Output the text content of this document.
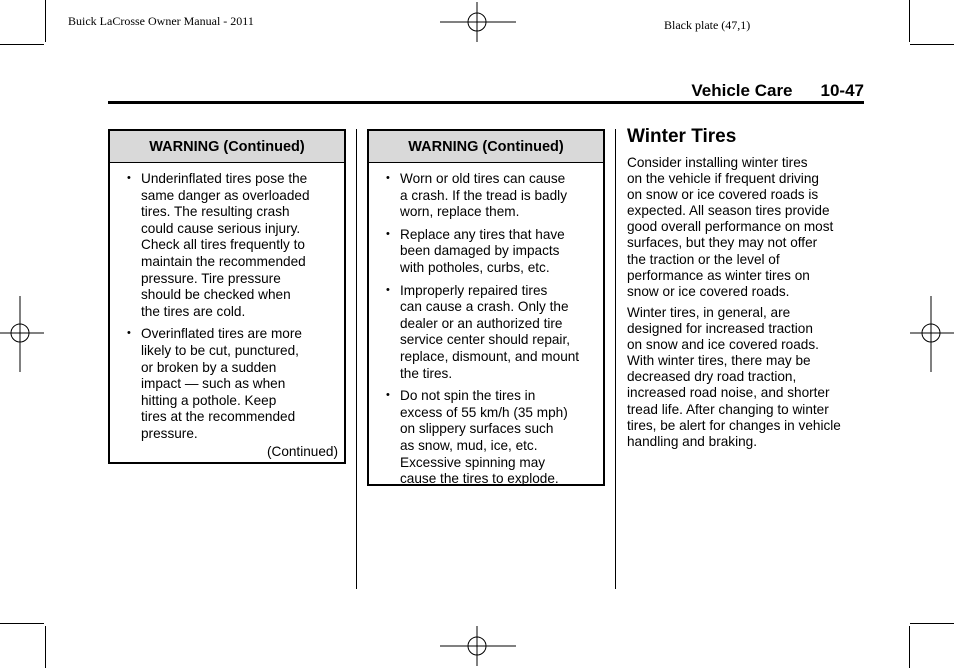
Buick LaCrosse Owner Manual - 2011	Black plate (47,1)
Vehicle Care 10-47
WARNING (Continued)
• Underinflated tires pose the
same danger as overloaded
tires. The resulting crash
could cause serious injury.
Check all tires frequently to
maintain the recommended
pressure. Tire pressure
should be checked when
the tires are cold.
• Overinflated tires are more
likely to be cut, punctured,
or broken by a sudden
impact — such as when
hitting a pothole. Keep
tires at the recommended
pressure.
(Continued)
WARNING (Continued)
• Worn or old tires can cause
a crash. If the tread is badly
worn, replace them.
• Replace any tires that have
been damaged by impacts
with potholes, curbs, etc.
• Improperly repaired tires
can cause a crash. Only the
dealer or an authorized tire
service center should repair,
replace, dismount, and mount
the tires.
• Do not spin the tires in
excess of 55 km/h (35 mph)
on slippery surfaces such
as snow, mud, ice, etc.
Excessive spinning may
cause the tires to explode.
Winter Tires
Consider installing winter tires
on the vehicle if frequent driving
on snow or ice covered roads is
expected. All season tires provide
good overall performance on most
surfaces, but they may not offer
the traction or the level of
performance as winter tires on
snow or ice covered roads.
Winter tires, in general, are
designed for increased traction
on snow and ice covered roads.
With winter tires, there may be
decreased dry road traction,
increased road noise, and shorter
tread life. After changing to winter
tires, be alert for changes in vehicle
handling and braking.
